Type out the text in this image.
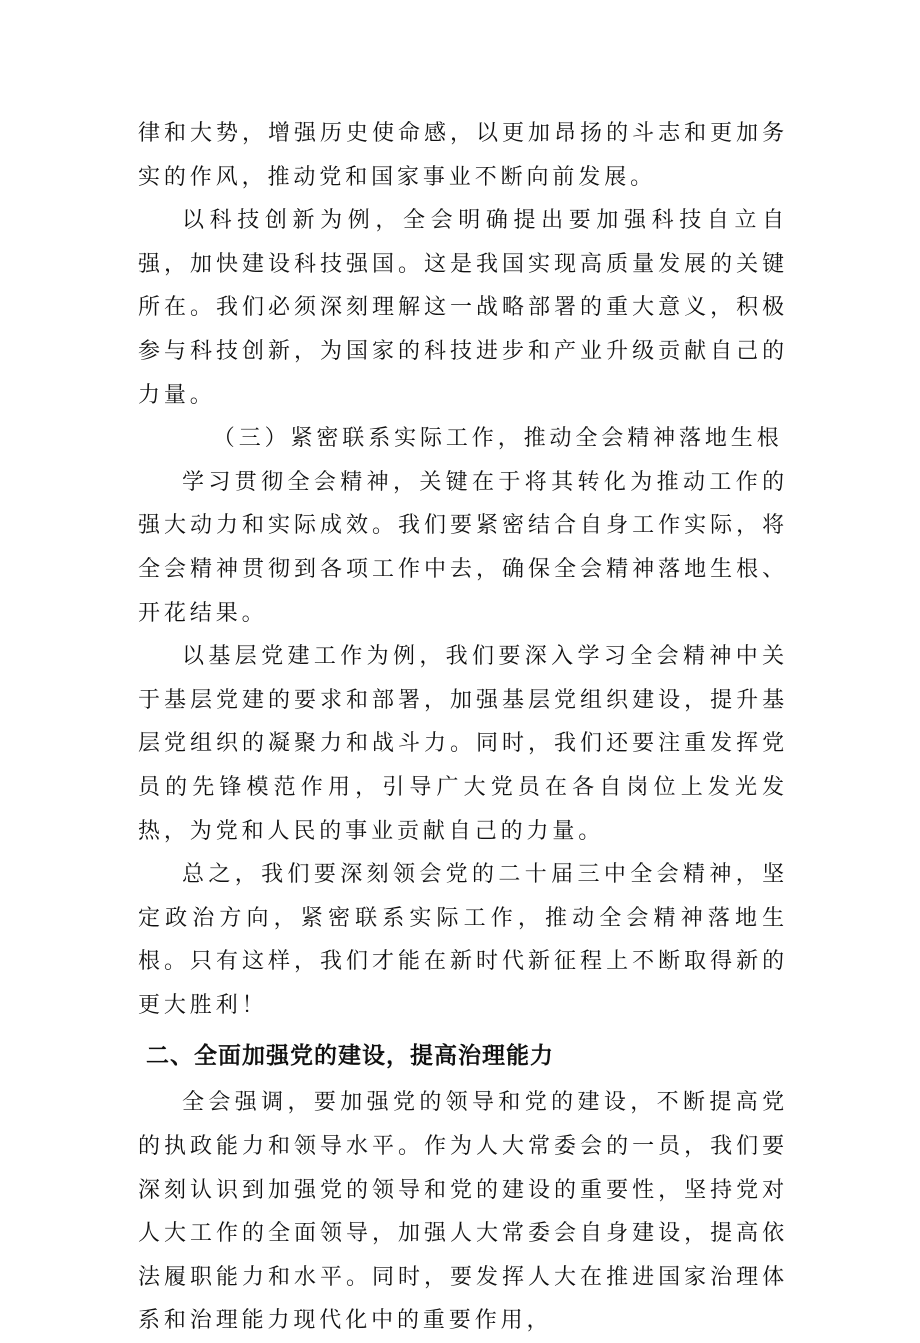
律和大势，增强历史使命感，以更加昂扬的斗志和更加务实的作风，推动党和国家事业不断向前发展。

以科技创新为例，全会明确提出要加强科技自立自强，加快建设科技强国。这是我国实现高质量发展的关键所在。我们必须深刻理解这一战略部署的重大意义，积极参与科技创新，为国家的科技进步和产业升级贡献自己的力量。

（三）紧密联系实际工作，推动全会精神落地生根

学习贯彻全会精神，关键在于将其转化为推动工作的强大动力和实际成效。我们要紧密结合自身工作实际，将全会精神贯彻到各项工作中去，确保全会精神落地生根、开花结果。

以基层党建工作为例，我们要深入学习全会精神中关于基层党建的要求和部署，加强基层党组织建设，提升基层党组织的凝聚力和战斗力。同时，我们还要注重发挥党员的先锋模范作用，引导广大党员在各自岗位上发光发热，为党和人民的事业贡献自己的力量。

总之，我们要深刻领会党的二十届三中全会精神，坚定政治方向，紧密联系实际工作，推动全会精神落地生根。只有这样，我们才能在新时代新征程上不断取得新的更大胜利！

二、全面加强党的建设，提高治理能力

全会强调，要加强党的领导和党的建设，不断提高党的执政能力和领导水平。作为人大常委会的一员，我们要深刻认识到加强党的领导和党的建设的重要性，坚持党对人大工作的全面领导，加强人大常委会自身建设，提高依法履职能力和水平。同时，要发挥人大在推进国家治理体系和治理能力现代化中的重要作用，
